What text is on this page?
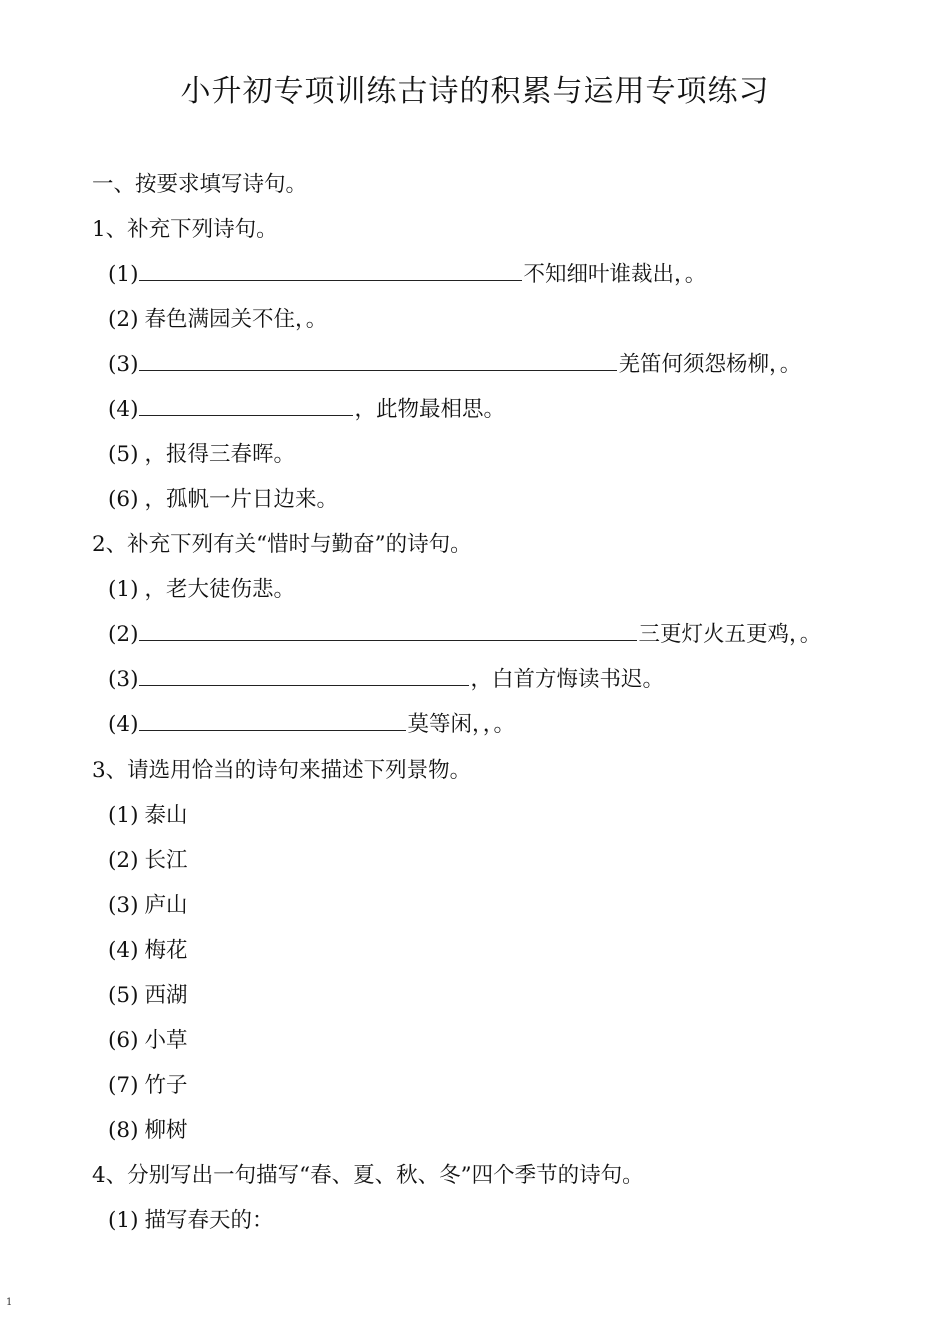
小升初专项训练古诗的积累与运用专项练习
一、按要求填写诗句。
1、补充下列诗句。
(1)	不知细叶谁裁出，。
(2) 春色满园关不住，。
(3)	羌笛何须怨杨柳，。
(4)	，此物最相思。
(5) ，报得三春晖。
(6) ，孤帆一片日边来。
2、补充下列有关“惜时与勤奋”的诗句。
(1) ，老大徒伤悲。
(2)	三更灯火五更鸡，。
(3)	，白首方悔读书迟。
(4)	莫等闲，，。
3、请选用恰当的诗句来描述下列景物。
(1) 泰山
(2) 长江
(3) 庐山
(4) 梅花
(5) 西湖
(6) 小草
(7) 竹子
(8) 柳树
4、分别写出一句描写“春、夏、秋、冬”四个季节的诗句。
(1) 描写春天的：
1
